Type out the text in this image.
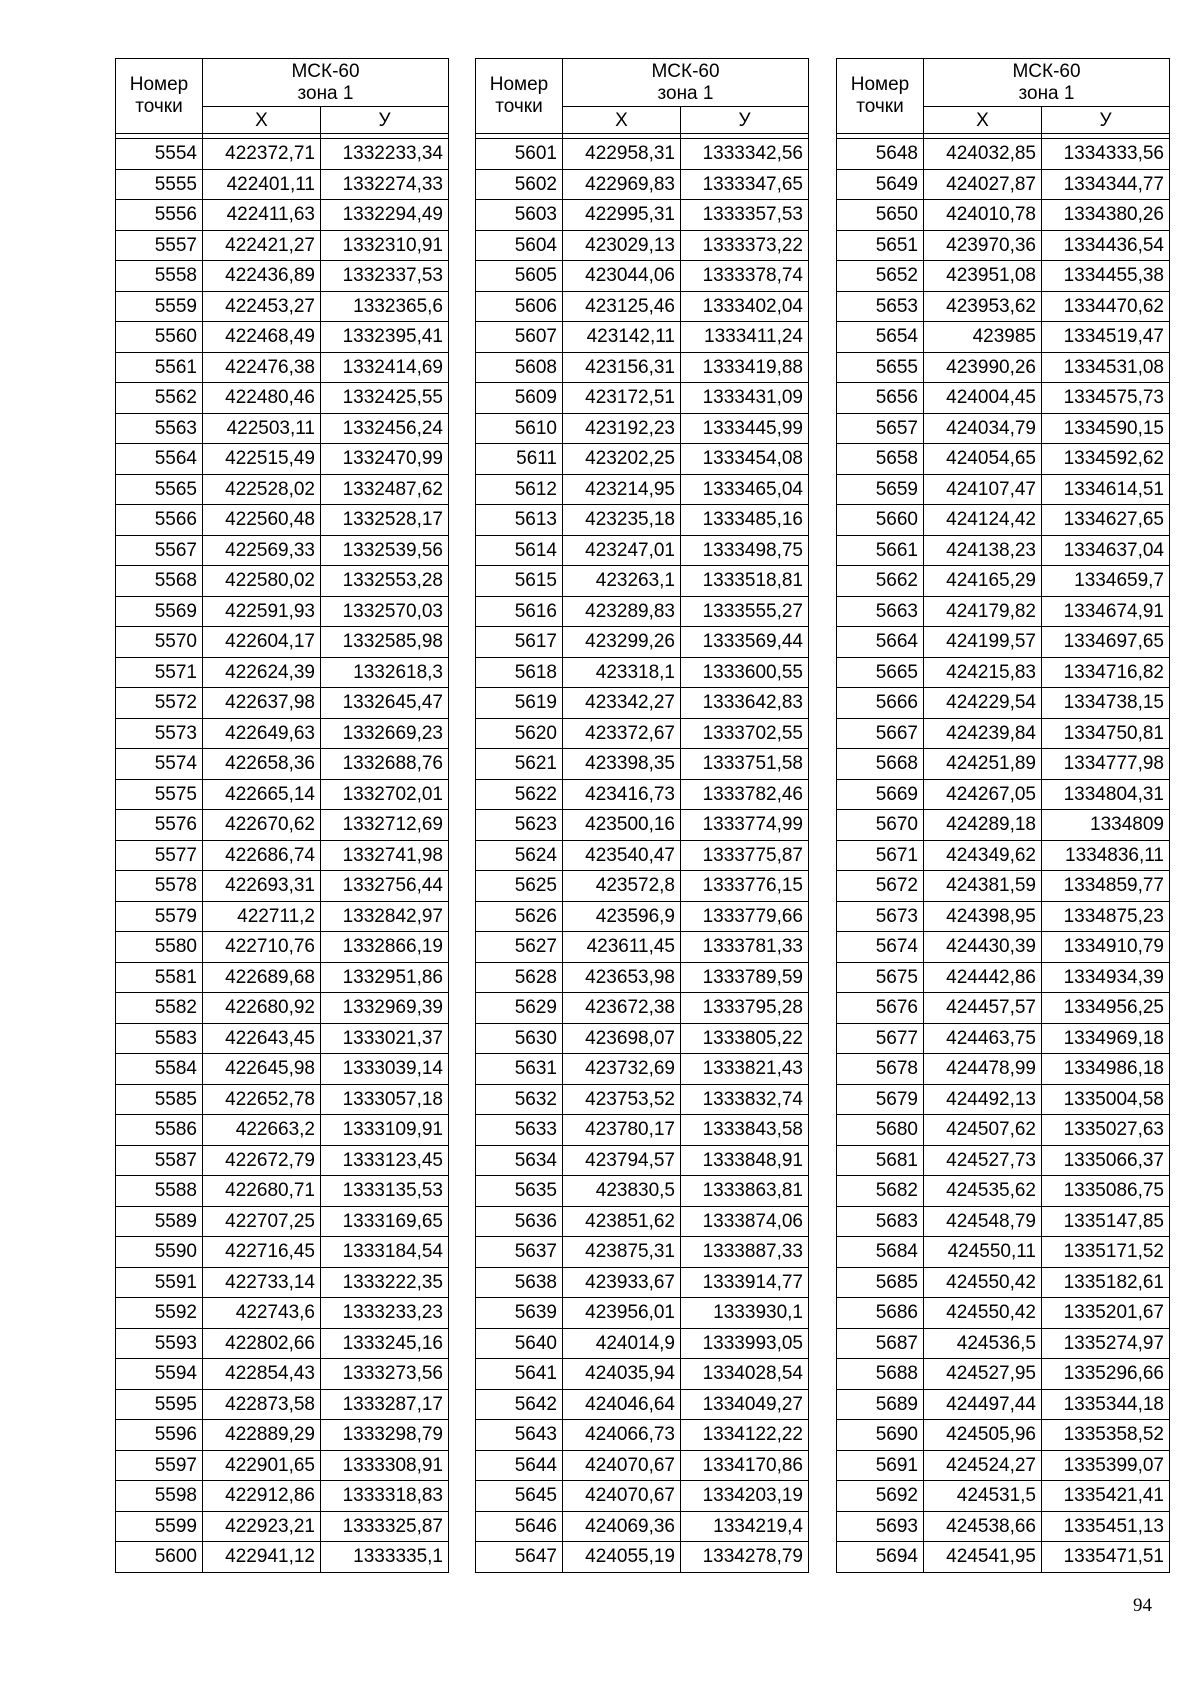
Номер
точки	МСК-60
зона 1	
	X	У

5554	422372,71	1332233,34
5555	422401,11	1332274,33
5556	422411,63	1332294,49
5557	422421,27	1332310,91
5558	422436,89	1332337,53
5559	422453,27	1332365,6
5560	422468,49	1332395,41
5561	422476,38	1332414,69
5562	422480,46	1332425,55
5563	422503,11	1332456,24
5564	422515,49	1332470,99
5565	422528,02	1332487,62
5566	422560,48	1332528,17
5567	422569,33	1332539,56
5568	422580,02	1332553,28
5569	422591,93	1332570,03
5570	422604,17	1332585,98
5571	422624,39	1332618,3
5572	422637,98	1332645,47
5573	422649,63	1332669,23
5574	422658,36	1332688,76
5575	422665,14	1332702,01
5576	422670,62	1332712,69
5577	422686,74	1332741,98
5578	422693,31	1332756,44
5579	422711,2	1332842,97
5580	422710,76	1332866,19
5581	422689,68	1332951,86
5582	422680,92	1332969,39
5583	422643,45	1333021,37
5584	422645,98	1333039,14
5585	422652,78	1333057,18
5586	422663,2	1333109,91
5587	422672,79	1333123,45
5588	422680,71	1333135,53
5589	422707,25	1333169,65
5590	422716,45	1333184,54
5591	422733,14	1333222,35
5592	422743,6	1333233,23
5593	422802,66	1333245,16
5594	422854,43	1333273,56
5595	422873,58	1333287,17
5596	422889,29	1333298,79
5597	422901,65	1333308,91
5598	422912,86	1333318,83
5599	422923,21	1333325,87
5600	422941,12	1333335,1
Номер
точки	МСК-60
зона 1	
	X	У

5601	422958,31	1333342,56
5602	422969,83	1333347,65
5603	422995,31	1333357,53
5604	423029,13	1333373,22
5605	423044,06	1333378,74
5606	423125,46	1333402,04
5607	423142,11	1333411,24
5608	423156,31	1333419,88
5609	423172,51	1333431,09
5610	423192,23	1333445,99
5611	423202,25	1333454,08
5612	423214,95	1333465,04
5613	423235,18	1333485,16
5614	423247,01	1333498,75
5615	423263,1	1333518,81
5616	423289,83	1333555,27
5617	423299,26	1333569,44
5618	423318,1	1333600,55
5619	423342,27	1333642,83
5620	423372,67	1333702,55
5621	423398,35	1333751,58
5622	423416,73	1333782,46
5623	423500,16	1333774,99
5624	423540,47	1333775,87
5625	423572,8	1333776,15
5626	423596,9	1333779,66
5627	423611,45	1333781,33
5628	423653,98	1333789,59
5629	423672,38	1333795,28
5630	423698,07	1333805,22
5631	423732,69	1333821,43
5632	423753,52	1333832,74
5633	423780,17	1333843,58
5634	423794,57	1333848,91
5635	423830,5	1333863,81
5636	423851,62	1333874,06
5637	423875,31	1333887,33
5638	423933,67	1333914,77
5639	423956,01	1333930,1
5640	424014,9	1333993,05
5641	424035,94	1334028,54
5642	424046,64	1334049,27
5643	424066,73	1334122,22
5644	424070,67	1334170,86
5645	424070,67	1334203,19
5646	424069,36	1334219,4
5647	424055,19	1334278,79
Номер
точки	МСК-60
зона 1	
	X	У

5648	424032,85	1334333,56
5649	424027,87	1334344,77
5650	424010,78	1334380,26
5651	423970,36	1334436,54
5652	423951,08	1334455,38
5653	423953,62	1334470,62
5654	423985	1334519,47
5655	423990,26	1334531,08
5656	424004,45	1334575,73
5657	424034,79	1334590,15
5658	424054,65	1334592,62
5659	424107,47	1334614,51
5660	424124,42	1334627,65
5661	424138,23	1334637,04
5662	424165,29	1334659,7
5663	424179,82	1334674,91
5664	424199,57	1334697,65
5665	424215,83	1334716,82
5666	424229,54	1334738,15
5667	424239,84	1334750,81
5668	424251,89	1334777,98
5669	424267,05	1334804,31
5670	424289,18	1334809
5671	424349,62	1334836,11
5672	424381,59	1334859,77
5673	424398,95	1334875,23
5674	424430,39	1334910,79
5675	424442,86	1334934,39
5676	424457,57	1334956,25
5677	424463,75	1334969,18
5678	424478,99	1334986,18
5679	424492,13	1335004,58
5680	424507,62	1335027,63
5681	424527,73	1335066,37
5682	424535,62	1335086,75
5683	424548,79	1335147,85
5684	424550,11	1335171,52
5685	424550,42	1335182,61
5686	424550,42	1335201,67
5687	424536,5	1335274,97
5688	424527,95	1335296,66
5689	424497,44	1335344,18
5690	424505,96	1335358,52
5691	424524,27	1335399,07
5692	424531,5	1335421,41
5693	424538,66	1335451,13
5694	424541,95	1335471,51
94
